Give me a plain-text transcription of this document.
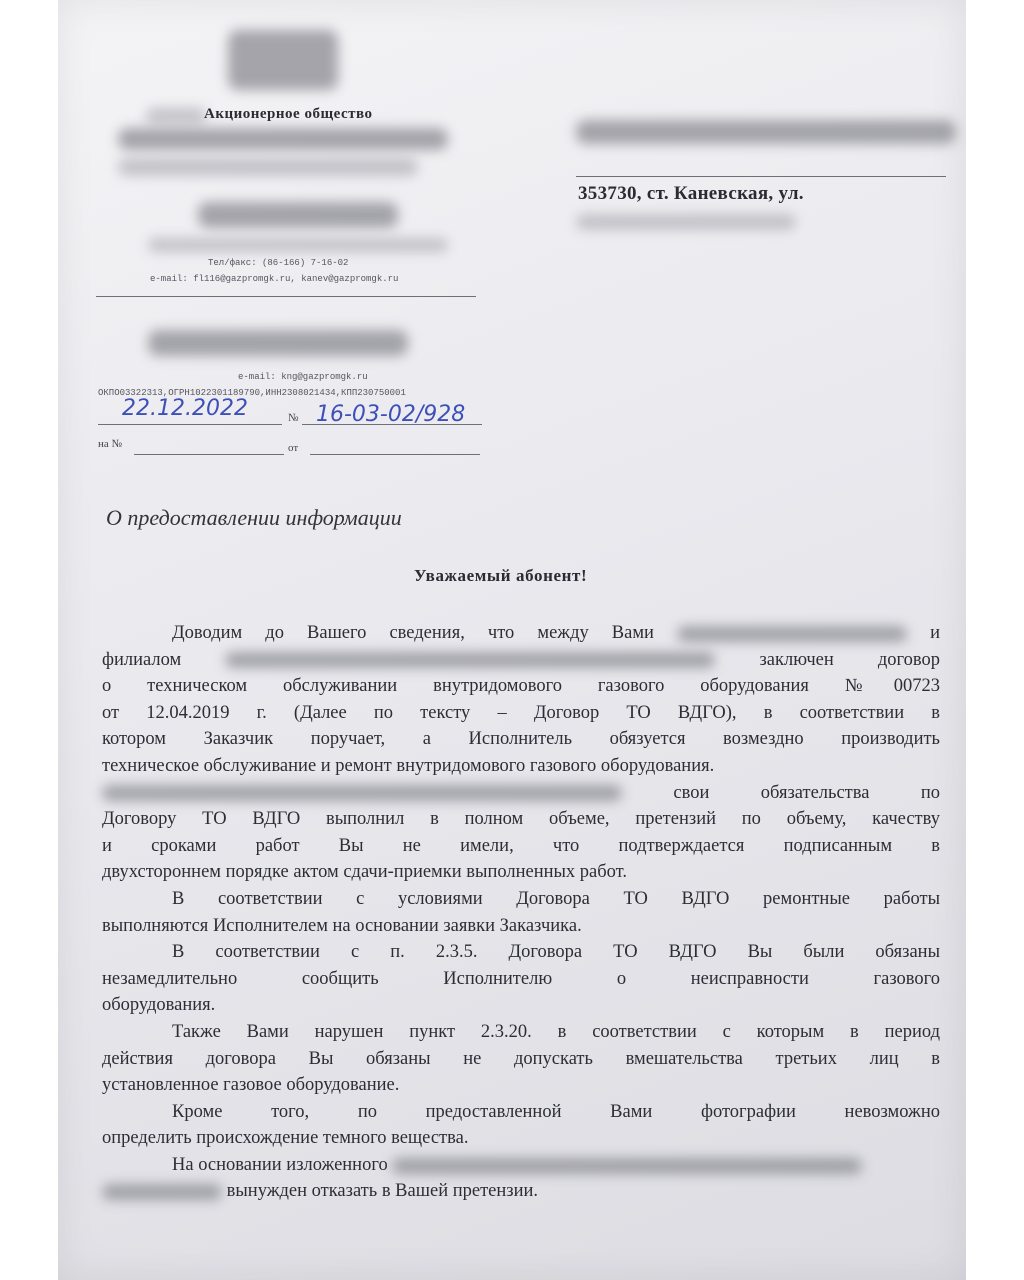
Акционерное общество
Тел/факс: (86-166) 7-16-02
e-mail: fl116@gazpromgk.ru, kanev@gazpromgk.ru
e-mail: kng@gazpromgk.ru
ОКПО03322313,ОГРН1022301189790,ИНН2308021434,КПП230750001
22.12.2022	№ 16-03-02/928
на №	от
353730, ст. Каневская, ул.
О предоставлении информации
Уважаемый абонент!

Доводим до Вашего сведения, что между Вами	и

филиалом	заключен договор

о техническом обслуживании внутридомового газового оборудования №00723

от 12.04.2019 г. (Далее по тексту – Договор ТО ВДГО), в соответствии в

котором Заказчик поручает, а Исполнитель обязуется возмездно производить

техническое обслуживание и ремонт внутридомового газового оборудования.

свои обязательства по

Договору ТО ВДГО выполнил в полном объеме, претензий по объему, качеству

и сроками работ Вы не имели, что подтверждается подписанным в

двухстороннем порядке актом сдачи-приемки выполненных работ.

В соответствии с условиями Договора ТО ВДГО ремонтные работы

выполняются Исполнителем на основании заявки Заказчика.

В соответствии с п. 2.3.5. Договора ТО ВДГО Вы были обязаны

незамедлительно сообщить Исполнителю о неисправности газового

оборудования.

Также Вами нарушен пункт 2.3.20. в соответствии с которым в период

действия договора Вы обязаны не допускать вмешательства третьих лиц в

установленное газовое оборудование.

Кроме того, по предоставленной Вами фотографии невозможно

определить происхождение темного вещества.

На основании изложенного

вынужден отказать в Вашей претензии.
